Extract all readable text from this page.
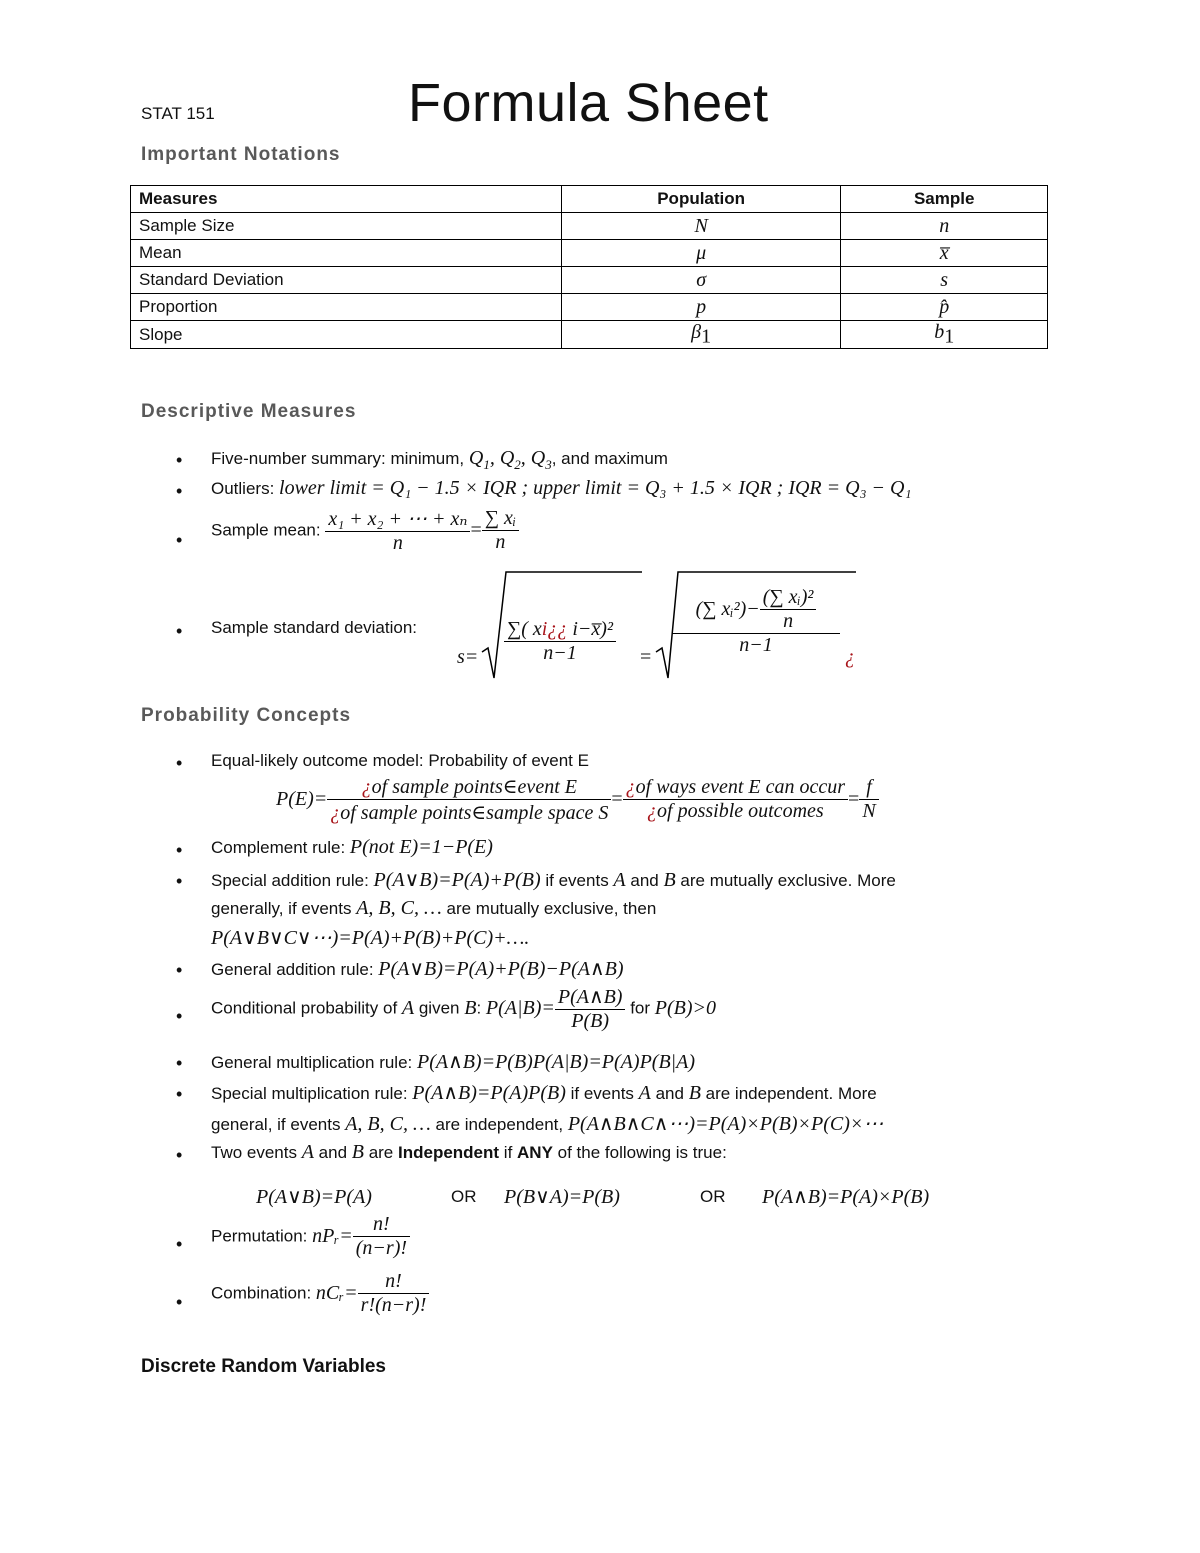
STAT 151	Formula Sheet
Important Notations
Measures	Population	Sample
Sample Size	N	n
Mean	μ	x̅
Standard Deviation	σ	s
Proportion	p	p̂
Slope	$\beta_1$	$b_1$
Descriptive Measures
• Five-number summary: minimum, $Q_1$, $Q_2$, $Q_3$, and maximum
• Outliers: lower limit = Q₁ − 1.5 × IQR ; upper limit = Q₃ + 1.5 × IQR ; IQR = Q₃ − Q₁
• Sample mean: $\frac{\text{x₁ + x₂ + ⋯ + xₙ}}{n} = \frac{\text{∑ xᵢ}}{n}$
• Sample standard deviation:
$s= \frac{\text{∑( xi¿¿ i−x̅)²}}{n-1} = \frac{(\sum xᵢ^2)- \frac{\text{(∑ xᵢ)²}}{n}}{n-1}$ ¿
Probability Concepts
• Equal-likely outcome model: Probability of event E
$P(E)= \frac{\text{¿of sample points∈event E}}{\text{¿of sample points∈sample space S}} = \frac{\text{¿of ways event E can occur}}{\text{¿of possible outcomes}} = \frac{f}{N}$
• Complement rule: P(not E)=1−P(E)
• Special addition rule: P(A∨B)=P(A)+P(B) if events A and B are mutually exclusive. More
generally, if events A, B, C, … are mutually exclusive, then
P(A∨B∨C∨⋯)=P(A)+P(B)+P(C)+….
• General addition rule: P(A∨B)=P(A)+P(B)−P(A∧B)
• Conditional probability of A given B: $P(A|B)= \frac{P(A\wedge B)}{P(B)}$ for P(B)>0
• General multiplication rule: P(A∧B)=P(B)P(A|B)=P(A)P(B|A)
• Special multiplication rule: P(A∧B)=P(A)P(B) if events A and B are independent. More
general, if events A, B, C, … are independent, P(A∧B∧C∧⋯)=P(A)×P(B)×P(C)×⋯
• Two events A and B are Independent if ANY of the following is true:
P(A∨B)=P(A)	OR P(B∨A)=P(B)	OR P(A∧B)=P(A)×P(B)
• Permutation: nPᵣ= $\frac{n!}{(n-r)!}$
• Combination: nCᵣ= $\frac{n!}{r!(n-r)!}$
Discrete Random Variables
